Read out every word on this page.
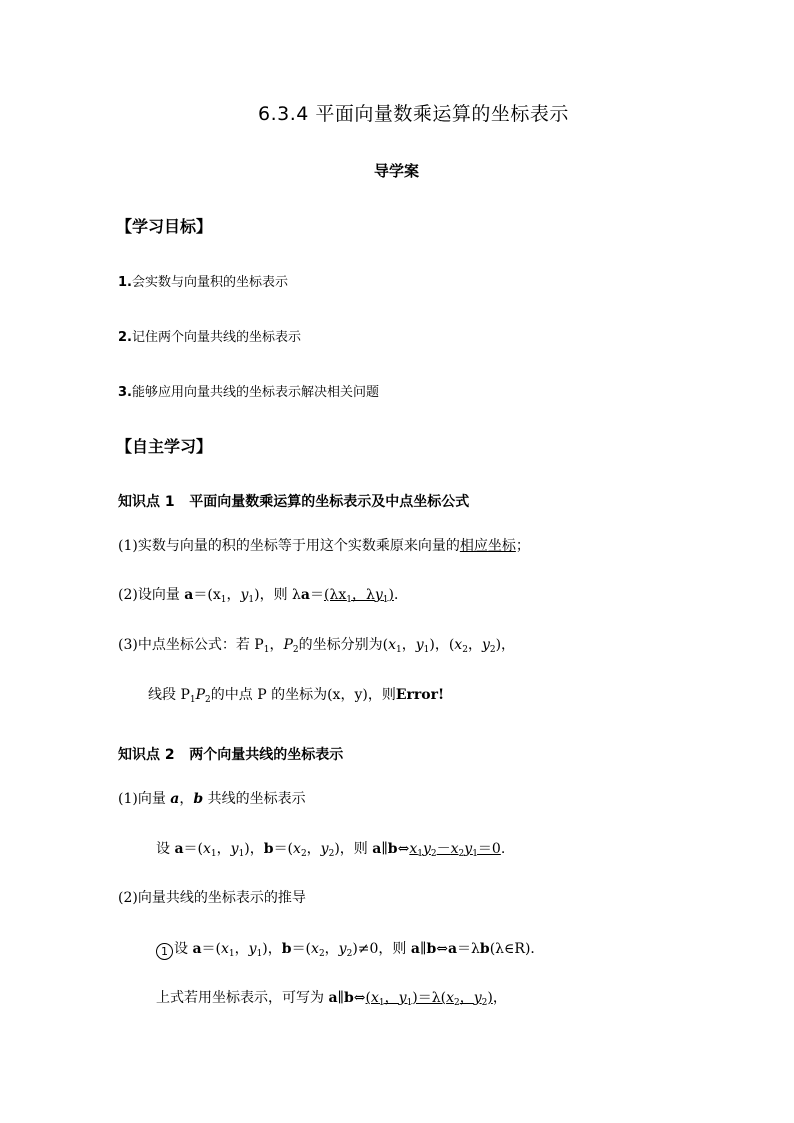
6.3.4 平面向量数乘运算的坐标表示
导学案
【学习目标】
1.会实数与向量积的坐标表示
2.记住两个向量共线的坐标表示
3.能够应用向量共线的坐标表示解决相关问题
【自主学习】
知识点 1 平面向量数乘运算的坐标表示及中点坐标公式
(1)实数与向量的积的坐标等于用这个实数乘原来向量的相应坐标；
(2)设向量 $a=(x_1$，$y_1$)，则 $\lambda a=(\lambda x_1$，$\lambda y_1$)．
(3)中点坐标公式：若 $P_1$，$P_2$的坐标分别为($x_1$，$y_1$)，($x_2$，$y_2$)，
线段 $P_1P_2$的中点 P 的坐标为(x，y)，则Error!
知识点 2 两个向量共线的坐标表示
(1)向量 a，b 共线的坐标表示
设 $a=(x_1$，$y_1$)，$b=(x_2$，$y_2$)，则 $a\parallel b\Leftrightarrow x_1y_2-x_2y_1=0$.
(2)向量共线的坐标表示的推导
1 设 $a=(x_1$，$y_1$)，$b=(x_2$，$y_2)\ne 0$，则 a∥b⇔a＝λb(λ∈R)．
上式若用坐标表示，可写为 $a\parallel b\Leftrightarrow(x_1$，$y_1)=\lambda(x_2$，$y_2$)，
